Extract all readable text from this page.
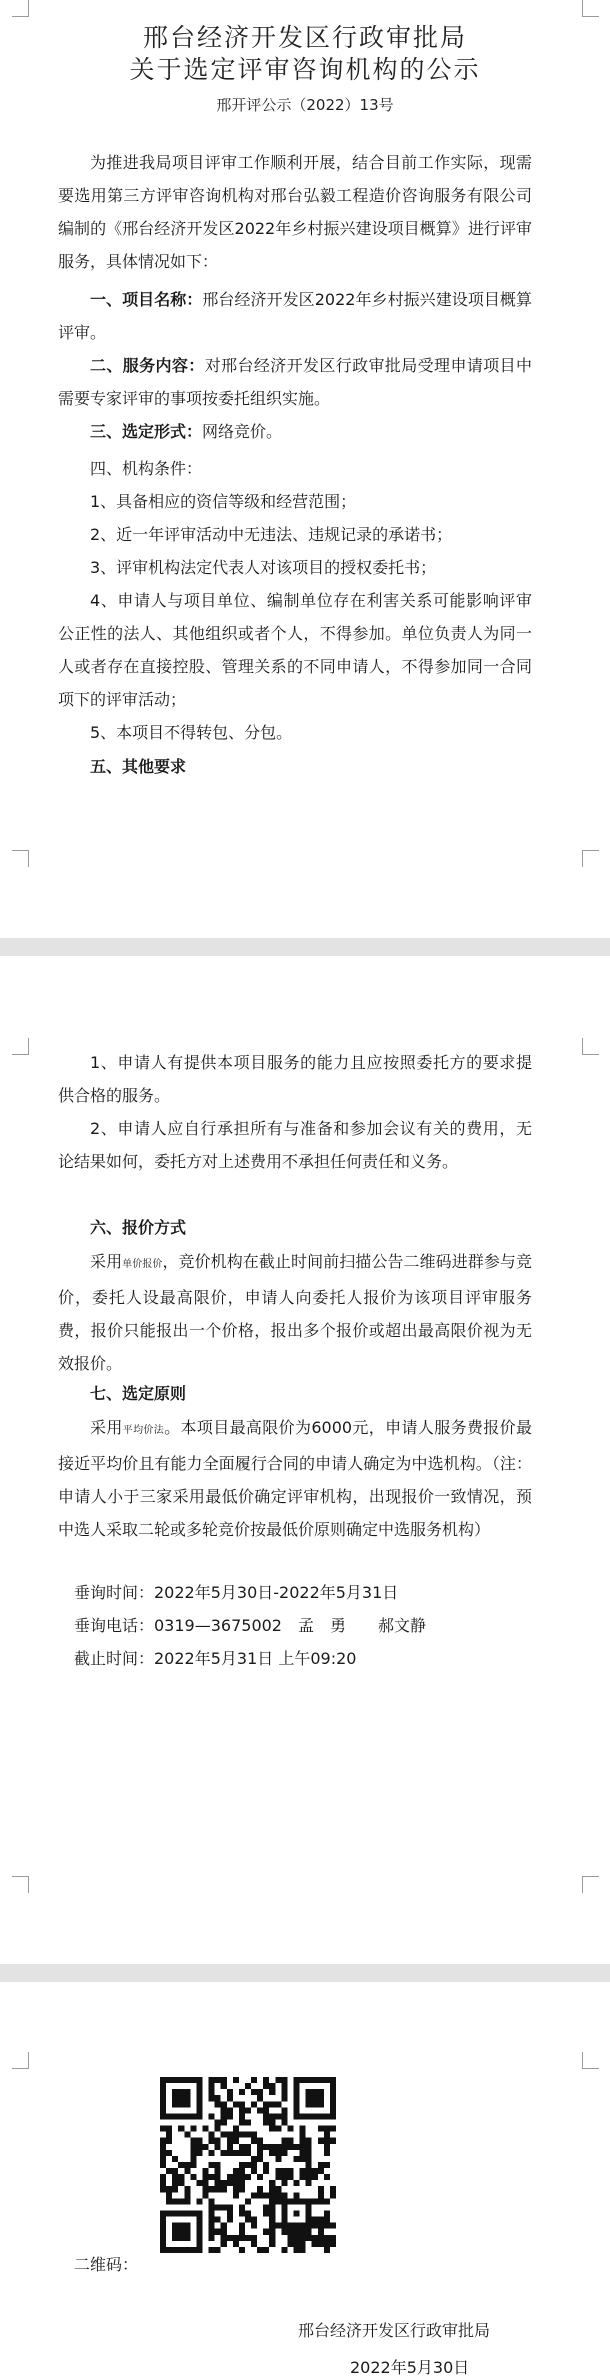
邢台经济开发区行政审批局
关于选定评审咨询机构的公示
邢开评公示（2022）13号

为推进我局项目评审工作顺利开展，结合目前工作实际，现需要选用第三方评审咨询机构对邢台弘毅工程造价咨询服务有限公司编制的《邢台经济开发区2022年乡村振兴建设项目概算》进行评审服务，具体情况如下：

一、项目名称：邢台经济开发区2022年乡村振兴建设项目概算评审。

二、服务内容：对邢台经济开发区行政审批局受理申请项目中需要专家评审的事项按委托组织实施。

三、选定形式：网络竞价。

四、机构条件：

1、具备相应的资信等级和经营范围；

2、近一年评审活动中无违法、违规记录的承诺书；

3、评审机构法定代表人对该项目的授权委托书；

4、申请人与项目单位、编制单位存在利害关系可能影响评审公正性的法人、其他组织或者个人，不得参加。单位负责人为同一人或者存在直接控股、管理关系的不同申请人，不得参加同一合同项下的评审活动；

5、本项目不得转包、分包。

五、其他要求

1、申请人有提供本项目服务的能力且应按照委托方的要求提供合格的服务。

2、申请人应自行承担所有与准备和参加会议有关的费用，无论结果如何，委托方对上述费用不承担任何责任和义务。

六、报价方式

采用单价报价，竞价机构在截止时间前扫描公告二维码进群参与竞价，委托人设最高限价，申请人向委托人报价为该项目评审服务费，报价只能报出一个价格，报出多个报价或超出最高限价视为无效报价。

七、选定原则

采用平均价法。本项目最高限价为6000元，申请人服务费报价最接近平均价且有能力全面履行合同的申请人确定为中选机构。（注：申请人小于三家采用最低价确定评审机构，出现报价一致情况，预中选人采取二轮或多轮竞价按最低价原则确定中选服务机构）

垂询时间：2022年5月30日-2022年5月31日

垂询电话：0319—3675002　孟　勇　　郝文静

截止时间：2022年5月31日 上午09:20

二维码：
邢台经济开发区行政审批局
2022年5月30日
